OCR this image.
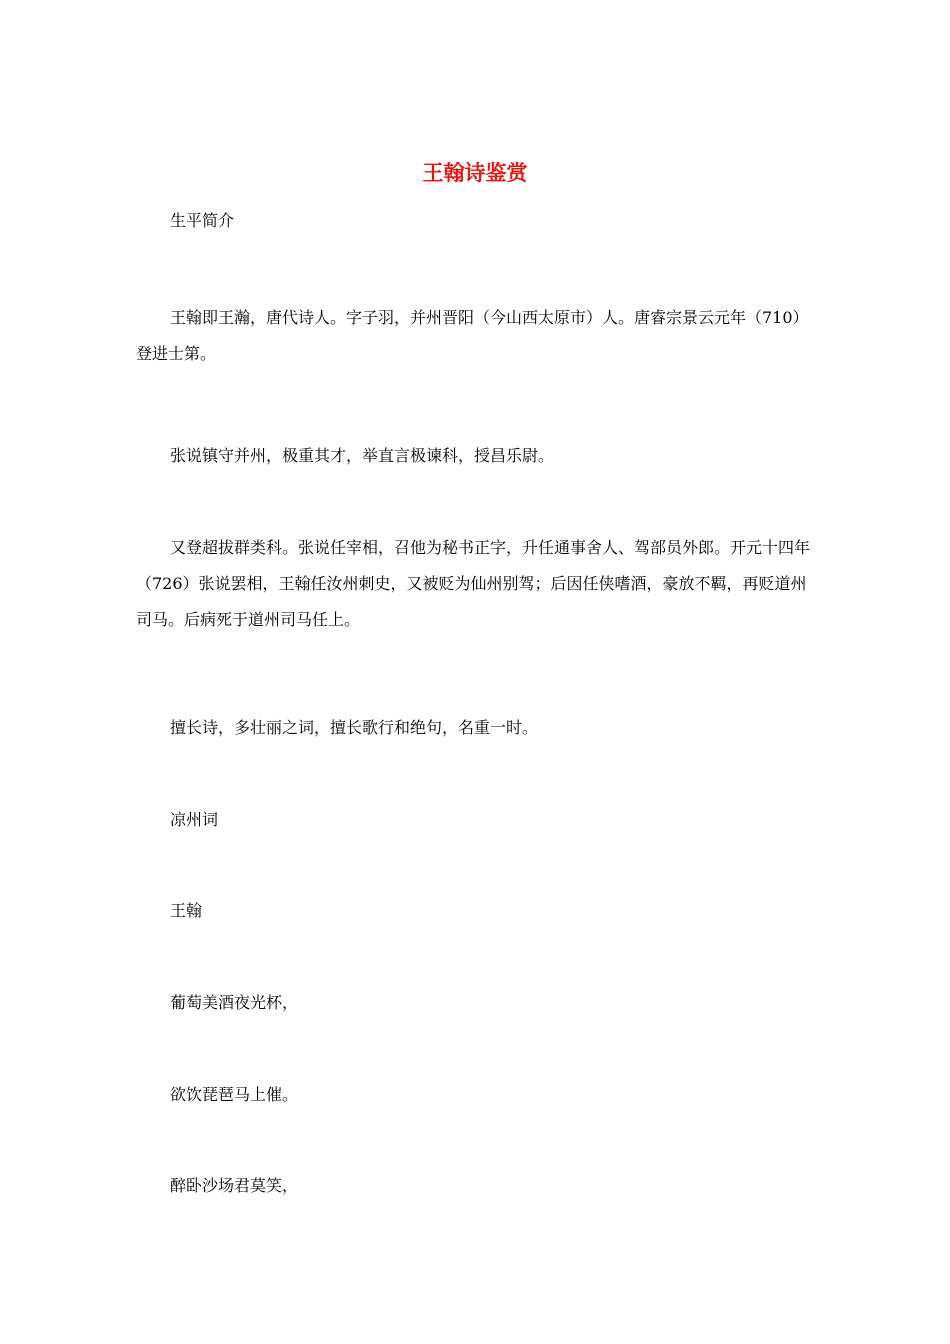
王翰诗鉴赏

生平简介

王翰即王瀚，唐代诗人。字子羽，并州晋阳（今山西太原市）人。唐睿宗景云元年（710）登进士第。

张说镇守并州，极重其才，举直言极谏科，授昌乐尉。

又登超拔群类科。张说任宰相，召他为秘书正字，升任通事舍人、驾部员外郎。开元十四年（726）张说罢相，王翰任汝州刺史，又被贬为仙州别驾；后因任侠嗜酒，豪放不羁，再贬道州司马。后病死于道州司马任上。

擅长诗，多壮丽之词，擅长歌行和绝句，名重一时。

凉州词

王翰

葡萄美酒夜光杯，

欲饮琵琶马上催。

醉卧沙场君莫笑，
